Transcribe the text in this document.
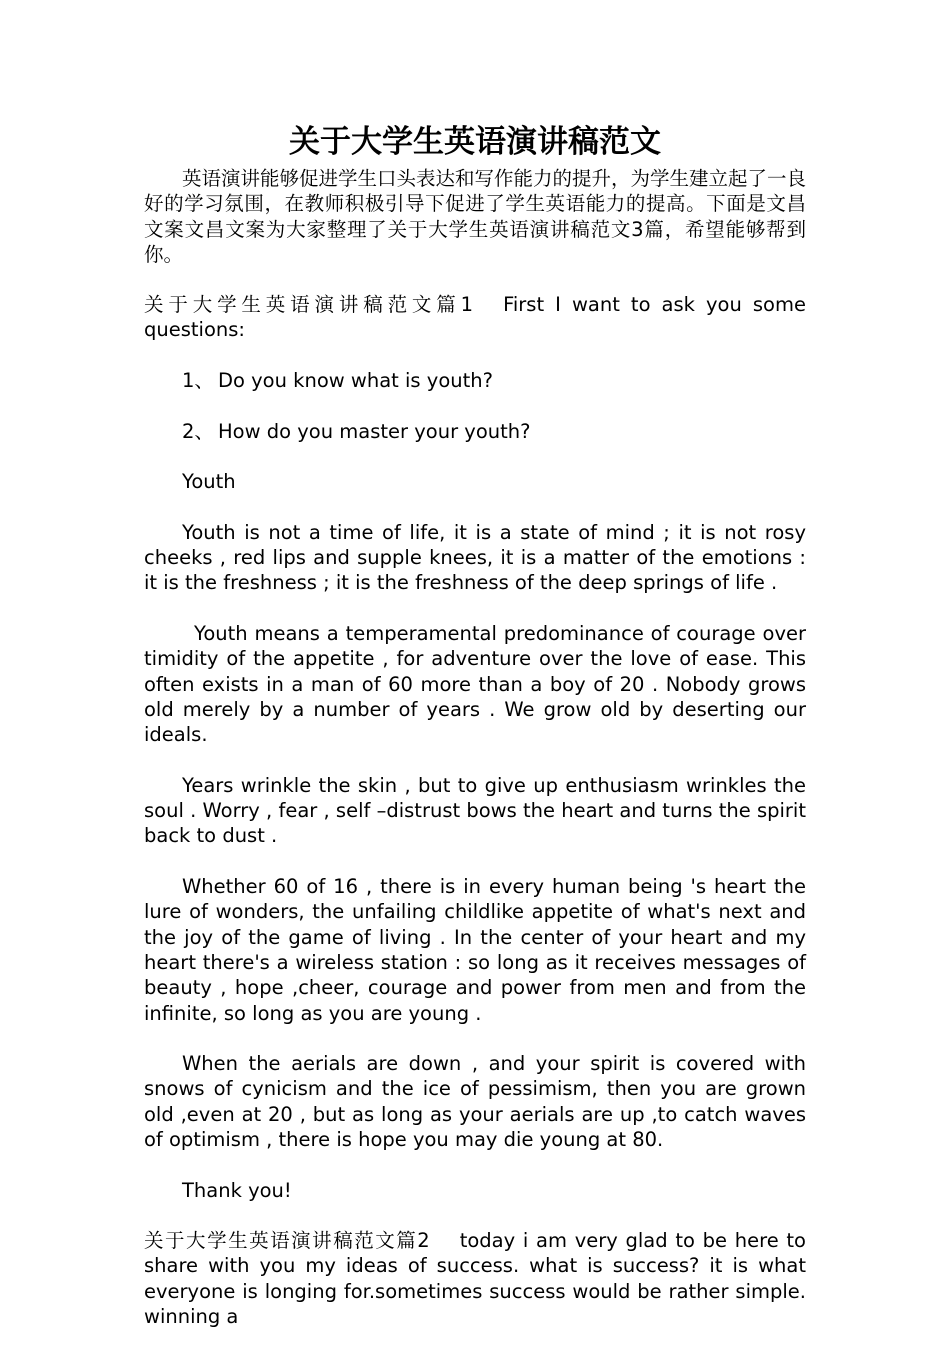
关于大学生英语演讲稿范文

英语演讲能够促进学生口头表达和写作能力的提升，为学生建立起了一良好的学习氛围，在教师积极引导下促进了学生英语能力的提高。下面是文昌文案文昌文案为大家整理了关于大学生英语演讲稿范文3篇，希望能够帮到你。

关于大学生英语演讲稿范文篇1 First I want to ask you some questions:

1、 Do you know what is youth?

2、 How do you master your youth?

Youth

Youth is not a time of life, it is a state of mind ; it is not rosy cheeks , red lips and supple knees, it is a matter of the emotions : it is the freshness ; it is the freshness of the deep springs of life .

Youth means a temperamental predominance of courage over timidity of the appetite , for adventure over the love of ease. This often exists in a man of 60 more than a boy of 20 . Nobody grows old merely by a number of years . We grow old by deserting our ideals.

Years wrinkle the skin , but to give up enthusiasm wrinkles the soul . Worry , fear , self –distrust bows the heart and turns the spirit back to dust .

Whether 60 of 16 , there is in every human being 's heart the lure of wonders, the unfailing childlike appetite of what's next and the joy of the game of living . In the center of your heart and my heart there's a wireless station : so long as it receives messages of beauty , hope ,cheer, courage and power from men and from the infinite, so long as you are young .

When the aerials are down , and your spirit is covered with snows of cynicism and the ice of pessimism, then you are grown old ,even at 20 , but as long as your aerials are up ,to catch waves of optimism , there is hope you may die young at 80.

Thank you!

关于大学生英语演讲稿范文篇2 today i am very glad to be here to share with you my ideas of success. what is success? it is what everyone is longing for.sometimes success would be rather simple. winning a
